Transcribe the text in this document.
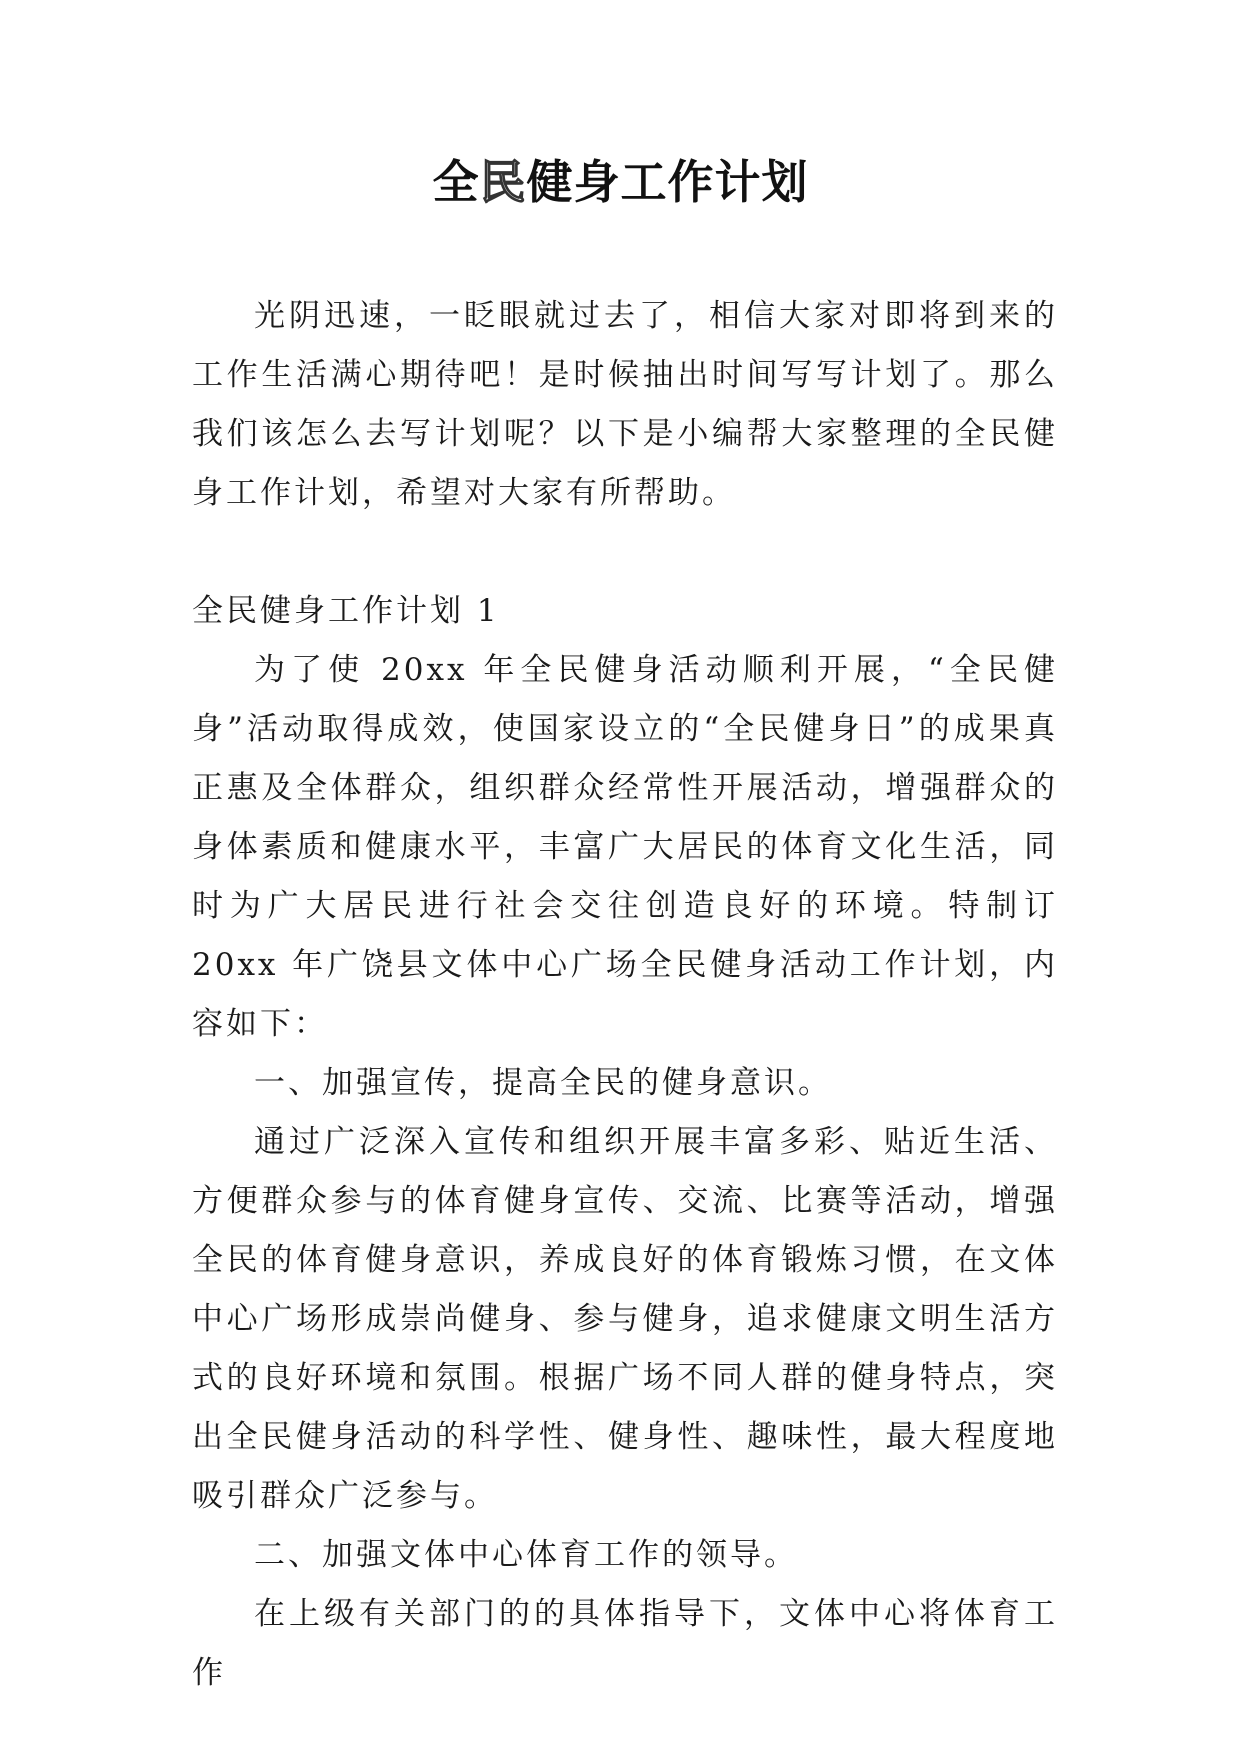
全民健身工作计划

光阴迅速，一眨眼就过去了，相信大家对即将到来的工作生活满心期待吧！是时候抽出时间写写计划了。那么我们该怎么去写计划呢？以下是小编帮大家整理的全民健身工作计划，希望对大家有所帮助。

全民健身工作计划 1

为了使 20xx 年全民健身活动顺利开展，“全民健身”活动取得成效，使国家设立的“全民健身日”的成果真正惠及全体群众，组织群众经常性开展活动，增强群众的身体素质和健康水平，丰富广大居民的体育文化生活，同时为广大居民进行社会交往创造良好的环境。特制订 20xx 年广饶县文体中心广场全民健身活动工作计划，内容如下：

一、加强宣传，提高全民的健身意识。

通过广泛深入宣传和组织开展丰富多彩、贴近生活、方便群众参与的体育健身宣传、交流、比赛等活动，增强全民的体育健身意识，养成良好的体育锻炼习惯，在文体中心广场形成崇尚健身、参与健身，追求健康文明生活方式的良好环境和氛围。根据广场不同人群的健身特点，突出全民健身活动的科学性、健身性、趣味性，最大程度地吸引群众广泛参与。

二、加强文体中心体育工作的领导。

在上级有关部门的的具体指导下，文体中心将体育工作
